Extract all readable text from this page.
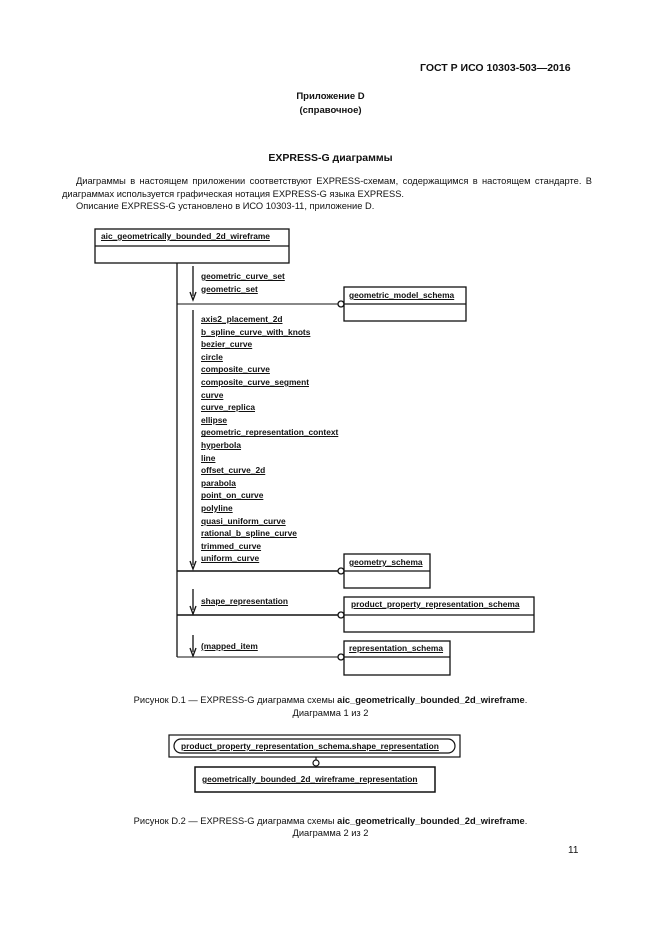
ГОСТ Р ИСО 10303-503—2016
Приложение D
(справочное)
EXPRESS-G диаграммы
Диаграммы в настоящем приложении соответствуют EXPRESS-схемам, содержащимся в настоящем стандарте. В диаграммах используется графическая нотация EXPRESS-G языка EXPRESS.
Описание EXPRESS-G установлено в ИСО 10303-11, приложение D.
aic_geometrically_bounded_2d_wireframe
geometric_model_schema
geometry_schema
product_property_representation_schema
representation_schema
geometric_curve_set
geometric_set
axis2_placement_2d
b_spline_curve_with_knots
bezier_curve
circle
composite_curve
composite_curve_segment
curve
curve_replica
ellipse
geometric_representation_context
hyperbola
line
offset_curve_2d
parabola
point_on_curve
polyline
quasi_uniform_curve
rational_b_spline_curve
trimmed_curve
uniform_curve
shape_representation
(mapped_item
Рисунок D.1 — EXPRESS-G диаграмма схемы aic_geometrically_bounded_2d_wireframe.
Диаграмма 1 из 2
product_property_representation_schema.shape_representation
geometrically_bounded_2d_wireframe_representation
Рисунок D.2 — EXPRESS-G диаграмма схемы aic_geometrically_bounded_2d_wireframe.
Диаграмма 2 из 2
11
